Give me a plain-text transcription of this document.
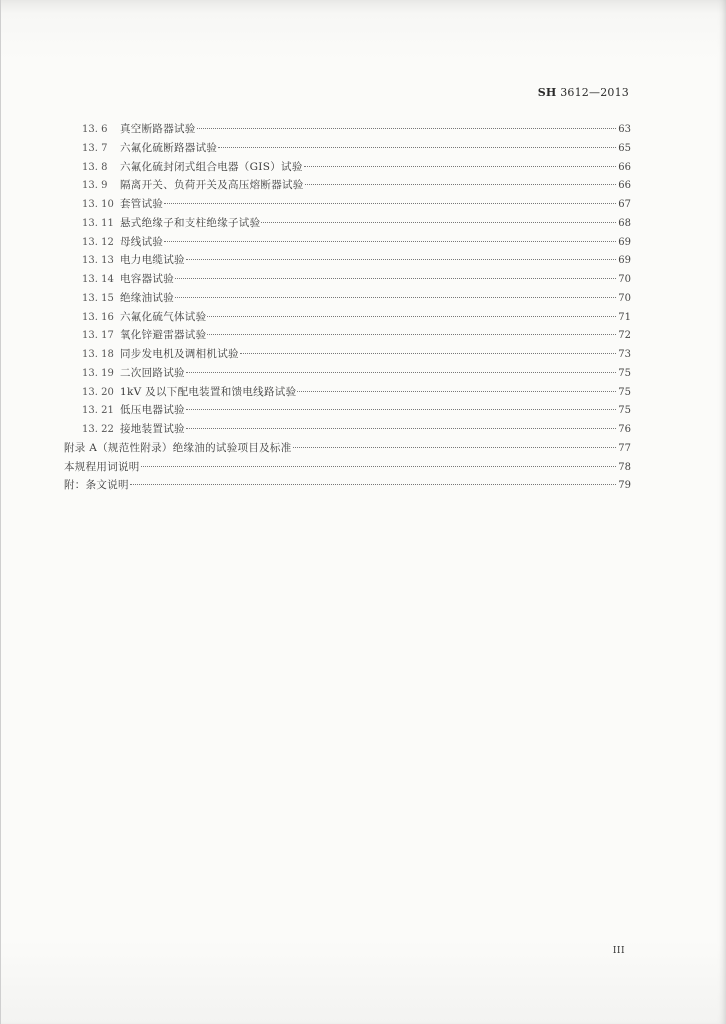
SH 3612—2013
13. 6	真空断路器试验	63
13. 7	六氟化硫断路器试验	65
13. 8	六氟化硫封闭式组合电器（GIS）试验	66
13. 9	隔离开关、负荷开关及高压熔断器试验	66
13. 10 套管试验	67
13. 11 悬式绝缘子和支柱绝缘子试验	68
13. 12 母线试验	69
13. 13 电力电缆试验	69
13. 14 电容器试验	70
13. 15 绝缘油试验	70
13. 16 六氟化硫气体试验	71
13. 17 氧化锌避雷器试验	72
13. 18 同步发电机及调相机试验	73
13. 19 二次回路试验	75
13. 20 1kV 及以下配电装置和馈电线路试验	75
13. 21 低压电器试验	75
13. 22 接地装置试验	76
附录 A（规范性附录）绝缘油的试验项目及标准	77
本规程用词说明	78
附：条文说明	79
III
